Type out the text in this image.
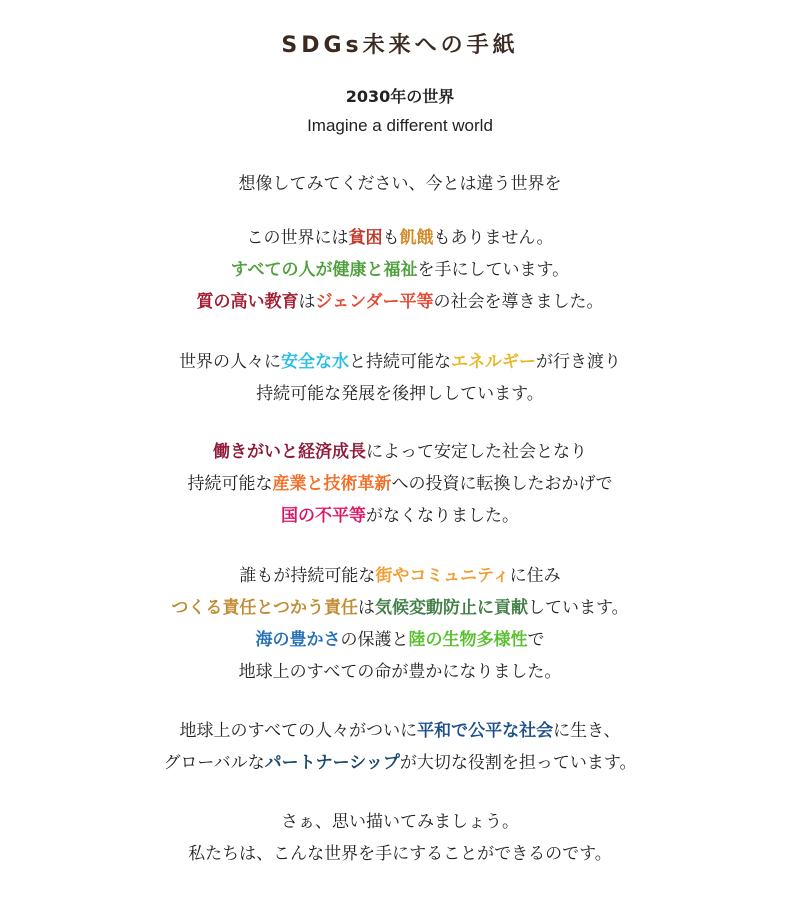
SDGs未来への手紙
2030年の世界
Imagine a different world
想像してみてください、今とは違う世界を
この世界には貧困も飢餓もありません。
すべての人が健康と福祉を手にしています。
質の高い教育はジェンダー平等の社会を導きました。
世界の人々に安全な水と持続可能なエネルギーが行き渡り
持続可能な発展を後押ししています。
働きがいと経済成長によって安定した社会となり
持続可能な産業と技術革新への投資に転換したおかげで
国の不平等がなくなりました。
誰もが持続可能な街やコミュニティに住み
つくる責任とつかう責任は気候変動防止に貢献しています。
海の豊かさの保護と陸の生物多様性で
地球上のすべての命が豊かになりました。
地球上のすべての人々がついに平和で公平な社会に生き、
グローバルなパートナーシップが大切な役割を担っています。
さぁ、思い描いてみましょう。
私たちは、こんな世界を手にすることができるのです。
